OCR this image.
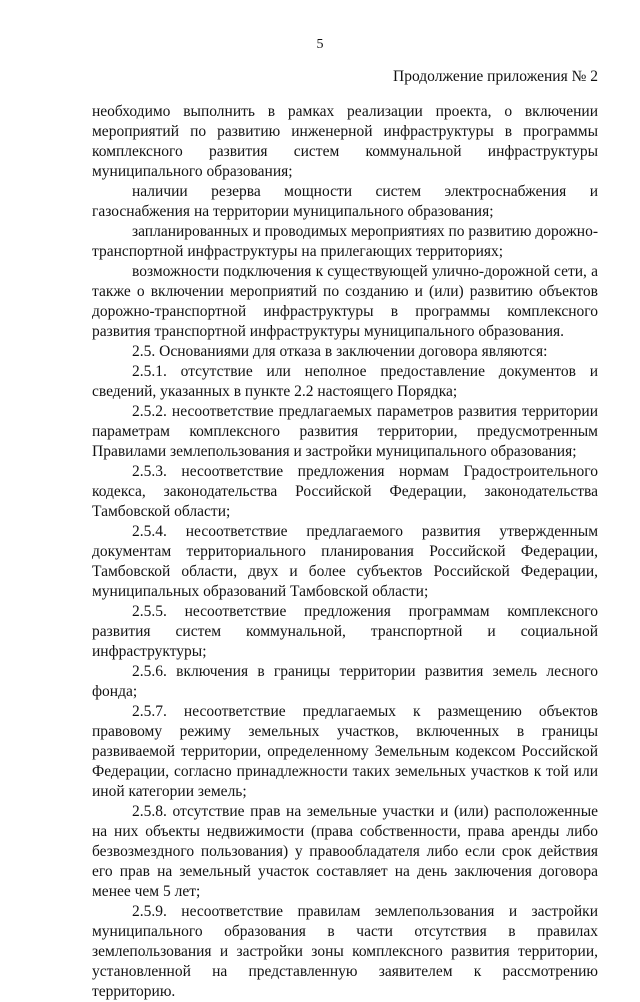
5
Продолжение приложения № 2

необходимо выполнить в рамках реализации проекта, о включении мероприятий по развитию инженерной инфраструктуры в программы комплексного развития систем коммунальной инфраструктуры муниципального образования;

наличии резерва мощности систем электроснабжения и газоснабжения на территории муниципального образования;

запланированных и проводимых мероприятиях по развитию дорожно-транспортной инфраструктуры на прилегающих территориях;

возможности подключения к существующей улично-дорожной сети, а также о включении мероприятий по созданию и (или) развитию объектов дорожно-транспортной инфраструктуры в программы комплексного развития транспортной инфраструктуры муниципального образования.

2.5. Основаниями для отказа в заключении договора являются:

2.5.1. отсутствие или неполное предоставление документов и сведений, указанных в пункте 2.2 настоящего Порядка;

2.5.2. несоответствие предлагаемых параметров развития территории параметрам комплексного развития территории, предусмотренным Правилами землепользования и застройки муниципального образования;

2.5.3. несоответствие предложения нормам Градостроительного кодекса, законодательства Российской Федерации, законодательства Тамбовской области;

2.5.4. несоответствие предлагаемого развития утвержденным документам территориального планирования Российской Федерации, Тамбовской области, двух и более субъектов Российской Федерации, муниципальных образований Тамбовской области;

2.5.5. несоответствие предложения программам комплексного развития систем коммунальной, транспортной и социальной инфраструктуры;

2.5.6. включения в границы территории развития земель лесного фонда;

2.5.7. несоответствие предлагаемых к размещению объектов правовому режиму земельных участков, включенных в границы развиваемой территории, определенному Земельным кодексом Российской Федерации, согласно принадлежности таких земельных участков к той или иной категории земель;

2.5.8. отсутствие прав на земельные участки и (или) расположенные на них объекты недвижимости (права собственности, права аренды либо безвозмездного пользования) у правообладателя либо если срок действия его прав на земельный участок составляет на день заключения договора менее чем 5 лет;

2.5.9. несоответствие правилам землепользования и застройки муниципального образования в части отсутствия в правилах землепользования и застройки зоны комплексного развития территории, установленной на представленную заявителем к рассмотрению территорию.
